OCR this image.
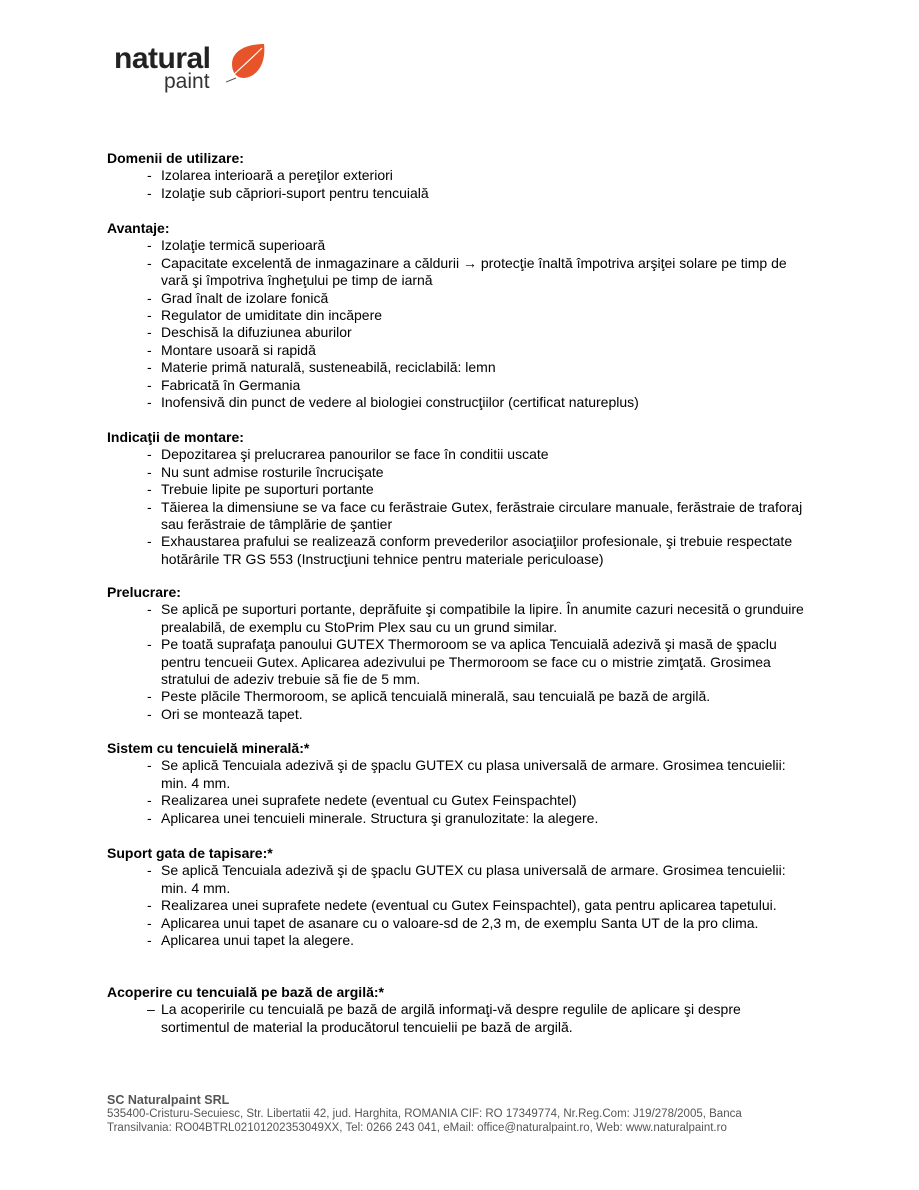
natural
paint
Domenii de utilizare:
- Izolarea interioară a pereţilor exteriori
- Izolaţie sub căpriori-suport pentru tencuială
Avantaje:
- Izolaţie termică superioară
- Capacitate excelentă de inmagazinare a căldurii → protecţie înaltă împotriva arşiţei solare pe timp de vară şi împotriva îngheţului pe timp de iarnă
- Grad înalt de izolare fonică
- Regulator de umiditate din incăpere
- Deschisă la difuziunea aburilor
- Montare usoară si rapidă
- Materie primă naturală, susteneabilă, reciclabilă: lemn
- Fabricată în Germania
- Inofensivă din punct de vedere al biologiei construcţiilor (certificat natureplus)
Indicaţii de montare:
- Depozitarea şi prelucrarea panourilor se face în conditii uscate
- Nu sunt admise rosturile încrucişate
- Trebuie lipite pe suporturi portante
- Tăierea la dimensiune se va face cu ferăstraie Gutex, ferăstraie circulare manuale, ferăstraie de traforaj sau ferăstraie de tâmplărie de şantier
- Exhaustarea prafului se realizează conform prevederilor asociaţiilor profesionale, şi trebuie respectate hotărârile TR GS 553 (Instrucţiuni tehnice pentru materiale periculoase)
Prelucrare:
- Se aplică pe suporturi portante, deprăfuite şi compatibile la lipire. În anumite cazuri necesită o grunduire prealabilă, de exemplu cu StoPrim Plex sau cu un grund similar.
- Pe toată suprafaţa panoului GUTEX Thermoroom se va aplica Tencuială adezivă şi masă de şpaclu pentru tencueii Gutex. Aplicarea adezivului pe Thermoroom se face cu o mistrie zimţată. Grosimea stratului de adeziv trebuie să fie de 5 mm.
- Peste plăcile Thermoroom, se aplică tencuială minerală, sau tencuială pe bază de argilă.
- Ori se montează tapet.
Sistem cu tencuielă minerală:*
- Se aplică Tencuiala adezivă şi de şpaclu GUTEX cu plasa universală de armare. Grosimea tencuielii: min. 4 mm.
- Realizarea unei suprafete nedete (eventual cu Gutex Feinspachtel)
- Aplicarea unei tencuieli minerale. Structura şi granulozitate: la alegere.
Suport gata de tapisare:*
- Se aplică Tencuiala adezivă şi de şpaclu GUTEX cu plasa universală de armare. Grosimea tencuielii: min. 4 mm.
- Realizarea unei suprafete nedete (eventual cu Gutex Feinspachtel), gata pentru aplicarea tapetului.
- Aplicarea unui tapet de asanare cu o valoare-sd de 2,3 m, de exemplu Santa UT de la pro clima.
- Aplicarea unui tapet la alegere.
Acoperire cu tencuială pe bază de argilă:*
– La acoperirile cu tencuială pe bază de argilă informaţi-vă despre regulile de aplicare şi despre sortimentul de material la producătorul tencuielii pe bază de argilă.
SC Naturalpaint SRL
535400-Cristuru-Secuiesc, Str. Libertatii 42, jud. Harghita, ROMANIA CIF: RO 17349774, Nr.Reg.Com: J19/278/2005, Banca
Transilvania: RO04BTRL02101202353049XX, Tel: 0266 243 041, eMail: office@naturalpaint.ro, Web: www.naturalpaint.ro
